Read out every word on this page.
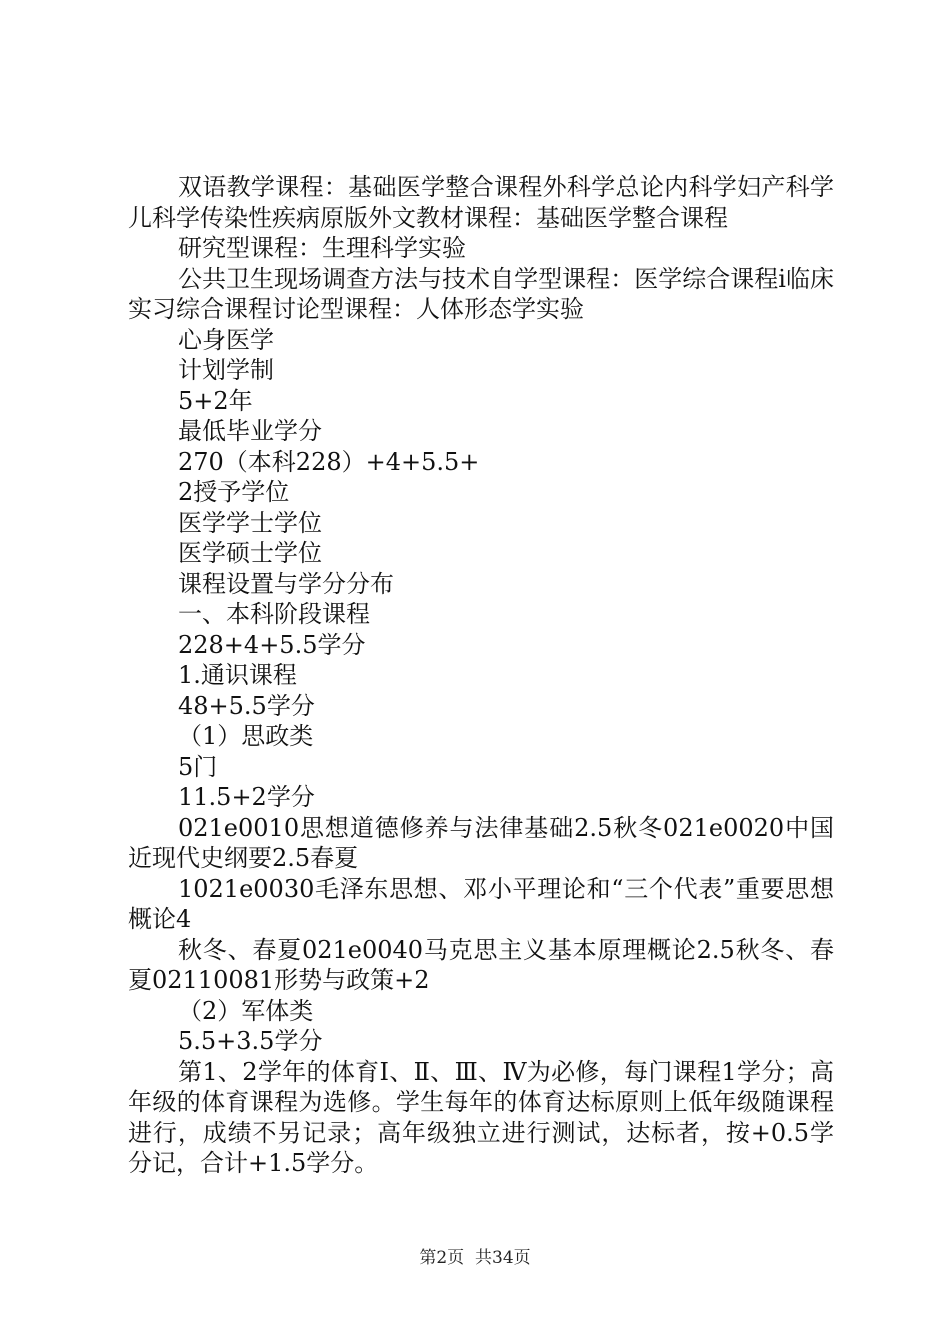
双语教学课程：基础医学整合课程外科学总论内科学妇产科学儿科学传染性疾病原版外文教材课程：基础医学整合课程

研究型课程：生理科学实验

公共卫生现场调查方法与技术自学型课程：医学综合课程i临床实习综合课程讨论型课程：人体形态学实验

心身医学

计划学制

5+2年

最低毕业学分

270（本科228）+4+5.5+

2授予学位

医学学士学位

医学硕士学位

课程设置与学分分布

一、本科阶段课程

228+4+5.5学分

1.通识课程

48+5.5学分

（1）思政类

5门

11.5+2学分

021e0010思想道德修养与法律基础2.5秋冬021e0020中国近现代史纲要2.5春夏

1021e0030毛泽东思想、邓小平理论和“三个代表”重要思想概论4

秋冬、春夏021e0040马克思主义基本原理概论2.5秋冬、春夏02110081形势与政策+2

（2）军体类

5.5+3.5学分

第1、2学年的体育Ⅰ、Ⅱ、Ⅲ、Ⅳ为必修，每门课程1学分；高年级的体育课程为选修。学生每年的体育达标原则上低年级随课程进行，成绩不另记录；高年级独立进行测试，达标者，按+0.5学分记，合计+1.5学分。

第2页 共34页
